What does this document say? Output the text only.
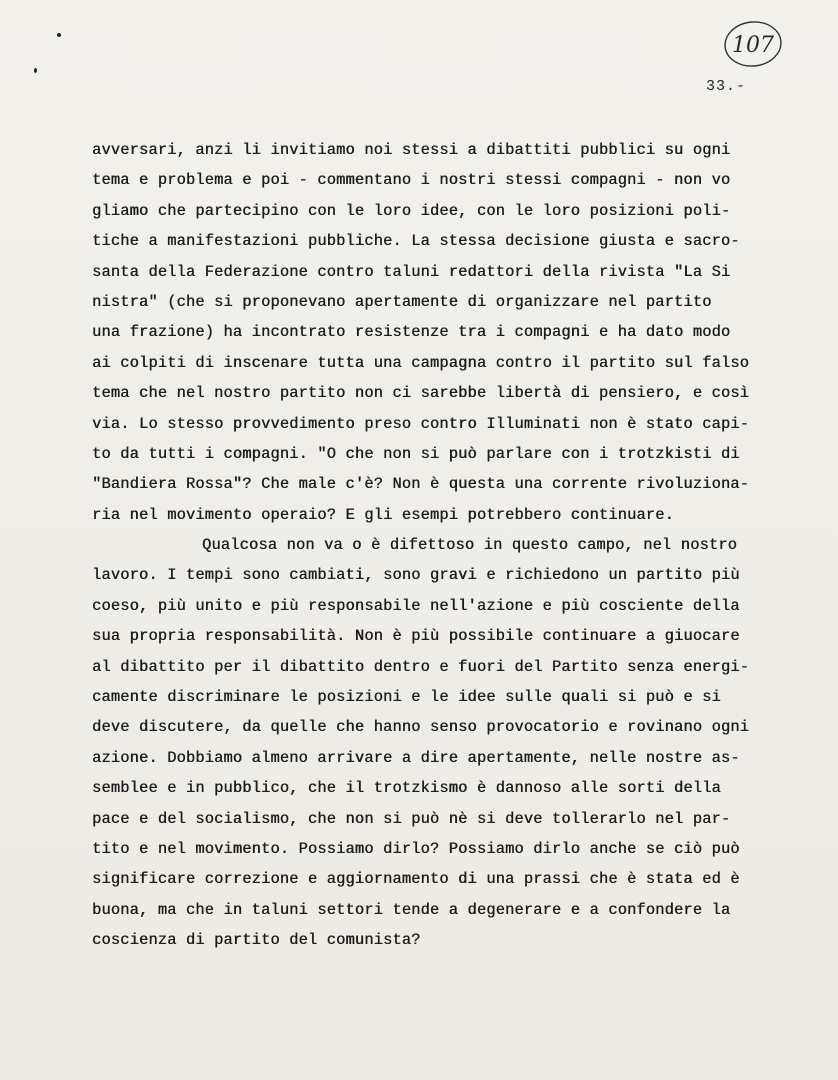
107
33.-
avversari, anzi li invitiamo noi stessi a dibattiti pubblici su ogni
tema e problema e poi - commentano i nostri stessi compagni - non vo
gliamo che partecipino con le loro idee, con le loro posizioni poli-
tiche a manifestazioni pubbliche. La stessa decisione giusta e sacro-
santa della Federazione contro taluni redattori della rivista "La Si
nistra" (che si proponevano apertamente di organizzare nel partito
una frazione) ha incontrato resistenze tra i compagni e ha dato modo
ai colpiti di inscenare tutta una campagna contro il partito sul falso
tema che nel nostro partito non ci sarebbe libertà di pensiero, e così
via. Lo stesso provvedimento preso contro Illuminati non è stato capi-
to da tutti i compagni. "O che non si può parlare con i trotzkisti di
"Bandiera Rossa"? Che male c'è? Non è questa una corrente rivoluziona-
ria nel movimento operaio? E gli esempi potrebbero continuare.
Qualcosa non va o è difettoso in questo campo, nel nostro
lavoro. I tempi sono cambiati, sono gravi e richiedono un partito più
coeso, più unito e più responsabile nell'azione e più cosciente della
sua propria responsabilità. Non è più possibile continuare a giuocare
al dibattito per il dibattito dentro e fuori del Partito senza energi-
camente discriminare le posizioni e le idee sulle quali si può e si
deve discutere, da quelle che hanno senso provocatorio e rovinano ogni
azione. Dobbiamo almeno arrivare a dire apertamente, nelle nostre as-
semblee e in pubblico, che il trotzkismo è dannoso alle sorti della
pace e del socialismo, che non si può nè si deve tollerarlo nel par-
tito e nel movimento. Possiamo dirlo? Possiamo dirlo anche se ciò può
significare correzione e aggiornamento di una prassi che è stata ed è
buona, ma che in taluni settori tende a degenerare e a confondere la
coscienza di partito del comunista?
